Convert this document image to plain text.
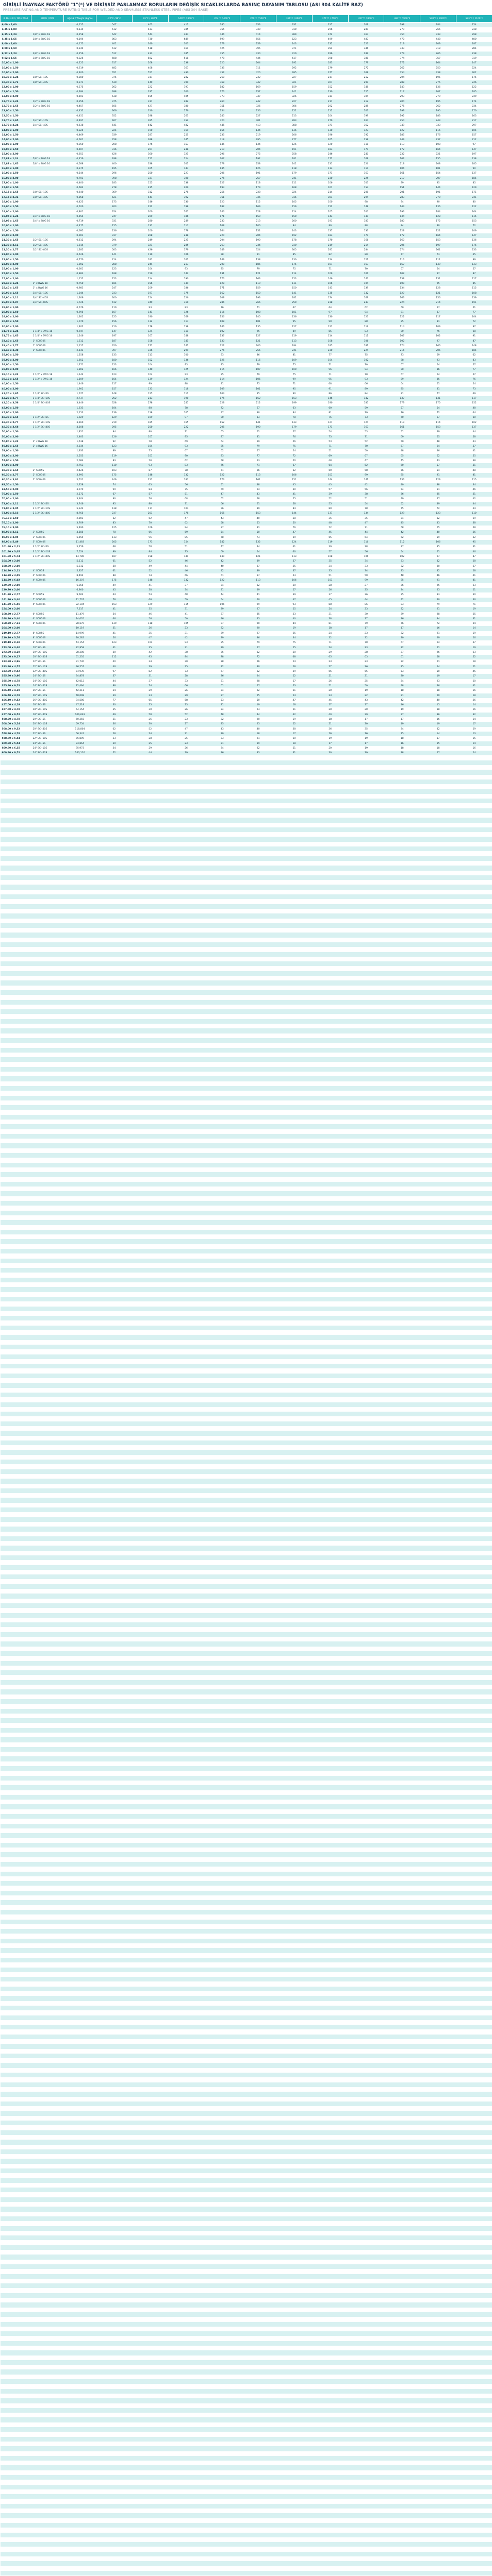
GİRİŞLİ İNAYNAK FAKTÖRÜ "1"(*) VE DİKİŞSİZ PASLANMAZ BORULARIN DEĞİŞİK SICAKLIKLARDA BASINÇ DAYANIM TABLOSU (ASI 304 KALİTE BAZ)
PRESSURE RATING AND TEMPERATURE RATING TABLE FOR WELDED AND SEAMLESS STAINLESS STEEL PIPES (AISI 304 BASE)
Ø Dış x Et / OD x Wall	BORU / PIPE	Ağırlık / Weight (kg/m)	-20°C /38°C	93°C / 200°F	149°C / 300°F	204°C / 400°F	260°C / 500°F	316°C / 600°F	371°C / 700°F	427°C / 800°F	482°C / 900°F	538°C / 1000°F	593°C / 1100°F
6,00 x 1,00		0,125	547	463	412	380	353	332	317	309	298	284	254
6,35 x 1,00		0,134	512	433	385	355	330	310	296	289	279	266	238
6,35 x 1,24	1/8" x BWG 18	0,158	642	543	483	446	414	389	372	363	350	333	298
6,35 x 1,65	1/8" x BWG 16	0,194	863	730	649	599	556	523	499	487	470	448	400
8,00 x 1,00		0,175	402	340	303	279	259	243	232	227	219	209	187
8,00 x 1,50		0,244	612	518	461	425	395	371	354	346	333	318	284
9,52 x 1,24	3/8" x BWG 18	0,256	512	433	385	355	330	310	296	289	279	266	238
9,52 x 1,65	3/8" x BWG 16	0,326	688	582	518	478	444	417	398	388	374	357	319
10,00 x 1,00		0,225	317	268	238	220	204	192	183	179	172	164	147
10,00 x 1,50		0,319	482	408	363	335	311	292	279	272	262	250	224
10,00 x 2,00		0,400	651	551	490	452	420	395	377	368	354	338	302
10,30 x 1,24	1/8" SCH10S	0,280	375	317	282	260	242	227	217	212	204	195	174
10,30 x 1,73	1/8" SCH40S	0,371	530	449	399	368	342	321	307	299	288	275	246
12,00 x 1,00		0,275	262	222	197	182	169	159	152	148	143	136	122
12,00 x 1,50		0,394	398	337	300	276	257	241	230	225	217	207	185
12,00 x 2,00		0,501	538	455	405	373	347	326	311	304	293	279	249
12,70 x 1,24	1/2" x BWG 18	0,356	375	317	282	260	242	227	217	212	204	195	174
12,70 x 1,65	1/2" x BWG 16	0,457	505	427	380	351	326	306	292	285	275	262	234
13,00 x 1,50		0,432	366	310	276	254	236	222	212	207	199	190	170
13,50 x 1,50		0,451	352	298	265	245	227	213	204	199	192	183	163
13,70 x 1,65	1/4" SCH10S	0,497	467	395	352	324	301	283	270	264	254	243	217
13,70 x 2,24	1/4" SCH40S	0,638	641	542	482	445	413	388	371	362	349	333	297
14,00 x 1,00		0,325	224	190	169	156	144	136	130	127	122	116	104
14,00 x 1,50		0,469	339	287	255	235	219	206	196	192	185	176	157
14,00 x 2,00		0,601	458	388	345	318	295	277	265	258	249	237	212
15,00 x 1,00		0,350	208	176	157	145	134	126	120	118	113	108	97
15,00 x 1,50		0,507	316	267	238	219	204	191	183	179	172	164	147
15,00 x 2,00		0,651	426	360	321	296	275	258	246	240	232	221	197
15,87 x 1,24	5/8" x BWG 18	0,456	298	252	224	207	192	181	172	168	162	155	138
15,87 x 1,65	5/8" x BWG 16	0,588	400	338	301	278	258	242	231	226	218	208	185
16,00 x 1,00		0,375	195	165	147	135	126	118	113	110	106	101	90
16,00 x 1,50		0,544	296	250	223	206	191	179	171	167	161	154	137
16,00 x 2,00		0,701	398	337	300	276	257	241	230	225	217	207	185
17,00 x 1,00		0,400	183	155	138	127	118	111	106	103	99	95	85
17,00 x 1,50		0,582	278	235	209	193	179	168	161	157	151	144	129
17,15 x 1,65	3/8" SCH10S	0,640	369	312	278	256	238	224	214	208	201	191	171
17,15 x 2,31	3/8" SCH40S	0,858	521	441	392	361	336	316	301	294	283	270	241
18,00 x 1,00		0,425	173	146	130	120	112	105	100	98	94	90	80
18,00 x 1,50		0,620	263	222	198	182	169	159	152	148	143	136	122
18,00 x 2,00		0,801	354	300	267	246	228	214	205	200	193	184	164
19,05 x 1,24	3/4" x BWG 18	0,554	247	209	186	171	159	150	143	139	134	128	115
19,05 x 1,65	3/4" x BWG 16	0,719	331	280	249	230	213	200	191	187	180	172	153
20,00 x 1,00		0,475	155	131	117	108	100	94	90	88	84	80	72
20,00 x 1,50		0,695	236	200	178	164	152	143	137	133	128	122	109
20,00 x 2,00		0,901	317	268	238	220	204	192	183	179	172	164	147
21,30 x 1,65	1/2" SCH10S	0,812	294	249	221	204	190	178	170	166	160	153	136
21,30 x 2,11	1/2" SCH40S	1,014	379	321	285	263	244	230	219	214	206	197	176
21,30 x 2,77	1/2" SCH80S	1,285	503	426	379	349	324	305	291	284	274	261	233
22,00 x 1,00		0,526	141	119	106	98	91	85	82	80	77	73	65
22,00 x 1,50		0,770	214	181	161	149	138	130	124	121	116	111	99
22,00 x 2,00		1,002	288	244	217	200	186	175	167	163	157	149	133
25,00 x 1,00		0,601	123	104	93	85	79	75	71	70	67	64	57
25,00 x 1,50		0,883	188	159	142	131	121	114	109	106	102	97	87
25,00 x 2,00		1,152	253	214	190	176	163	153	146	143	138	131	117
25,40 x 1,24	1" x BWG 18	0,750	184	156	139	128	119	111	106	104	100	95	85
25,40 x 1,65	1" x BWG 16	0,983	247	209	186	171	159	150	143	139	134	128	115
26,90 x 1,65	3/4" SCH10S	1,044	233	197	175	162	150	141	135	132	127	121	108
26,90 x 2,11	3/4" SCH40S	1,309	300	254	226	208	193	182	174	169	163	156	139
26,90 x 2,87	3/4" SCH80S	1,726	412	349	310	286	266	250	238	233	224	214	191
28,00 x 1,00		0,676	110	93	83	76	71	67	64	62	60	57	51
28,00 x 1,50		0,995	167	141	126	116	108	101	97	94	91	87	77
28,00 x 2,00		1,302	225	190	169	156	145	136	130	127	122	117	104
30,00 x 1,50		1,070	156	132	117	108	101	95	90	88	85	81	72
30,00 x 2,00		1,402	210	178	158	146	135	127	121	119	114	109	97
31,75 x 1,24	1 1/4" x BWG 18	0,947	147	124	111	102	95	89	85	83	80	76	68
31,75 x 1,65	1 1/4" x BWG 16	1,246	197	167	148	137	127	119	114	111	107	102	91
33,40 x 1,65	1" SCH10S	1,312	187	158	141	130	121	113	108	106	102	97	87
33,40 x 2,77	1" SCH10S	2,127	320	271	241	222	206	194	185	181	174	166	148
33,40 x 3,38	1" SCH40S	2,541	397	336	299	276	256	241	230	224	216	206	184
35,00 x 1,50		1,258	133	113	100	93	86	81	77	75	73	69	62
35,00 x 2,00		1,652	180	152	136	125	116	109	104	102	98	93	83
38,00 x 1,50		1,371	123	104	93	85	79	75	71	70	67	64	57
38,00 x 2,00		1,802	166	140	125	115	107	100	96	94	90	86	77
38,10 x 1,24	1 1/2" x BWG 18	1,144	123	104	93	85	79	75	71	70	67	64	57
38,10 x 1,65	1 1/2" x BWG 16	1,509	164	139	124	114	106	99	95	93	89	85	76
40,00 x 1,50		1,446	117	99	88	81	75	71	68	66	64	61	54
40,00 x 2,00		1,902	157	133	118	109	101	95	91	89	85	81	73
42,20 x 1,65	1 1/4" SCH5S	1,677	148	125	111	103	95	90	86	84	81	77	69
42,20 x 2,77	1 1/4" SCH10S	2,737	252	213	190	175	162	153	146	142	137	131	117
42,20 x 3,56	1 1/4" SCH40S	3,446	328	278	247	228	212	199	190	185	179	170	152
45,00 x 1,50		1,633	104	88	78	72	67	63	60	59	57	54	48
45,00 x 2,00		2,153	139	118	105	97	90	84	81	79	76	72	64
48,30 x 1,65	1 1/2" SCH5S	1,929	129	109	97	90	83	78	75	73	70	67	60
48,30 x 2,77	1 1/2" SCH10S	3,160	219	185	165	152	141	133	127	124	119	114	102
48,30 x 3,68	1 1/2" SCH40S	4,108	295	250	222	205	190	179	171	167	161	153	137
50,00 x 1,50		1,821	94	80	71	65	61	57	54	53	51	49	44
50,00 x 2,00		2,403	126	107	95	87	81	76	73	71	69	65	58
50,80 x 1,24	2" x BWG 18	1,538	92	78	69	64	59	56	53	52	50	48	43
50,80 x 1,65	2" x BWG 16	2,034	123	104	93	85	79	75	71	70	67	64	57
53,00 x 1,50		1,933	89	75	67	62	57	54	51	50	48	46	41
53,00 x 2,00		2,553	119	101	90	83	77	72	69	67	65	62	55
57,00 x 1,50		2,084	83	70	62	58	53	50	48	47	45	43	38
57,00 x 2,00		2,753	110	93	83	76	71	67	64	62	60	57	51
60,30 x 1,65	2" SCH5S	2,426	103	87	78	71	66	62	60	58	56	54	48
60,30 x 2,77	2" SCH10S	3,993	175	148	132	122	113	106	101	99	95	91	81
60,30 x 3,91	2" SCH40S	5,521	249	211	187	173	161	151	144	141	136	129	115
63,50 x 1,50		2,328	74	63	56	51	48	45	43	42	40	38	34
63,50 x 2,00		3,079	99	84	75	69	64	60	57	56	54	51	46
70,00 x 1,50		2,572	67	57	51	47	43	41	39	38	36	35	31
70,00 x 2,00		3,404	90	76	68	62	58	55	52	51	49	47	42
73,00 x 2,11	2 1/2" SCH5S	3,746	95	80	71	66	61	58	55	54	52	49	44
73,00 x 3,05	2 1/2" SCH10S	5,342	138	117	104	96	89	84	80	78	75	72	64
73,00 x 5,16	2 1/2" SCH40S	8,765	237	201	178	165	153	144	137	134	129	123	110
76,10 x 1,50		2,801	62	52	47	43	40	38	36	35	34	32	29
76,10 x 2,00		3,709	83	70	62	58	53	50	48	47	45	43	38
76,10 x 3,00		5,490	125	106	94	87	81	76	72	71	68	65	58
88,90 x 2,11	3" SCH5S	4,585	78	66	59	54	50	47	45	44	42	40	36
88,90 x 3,05	3" SCH10S	6,554	113	96	85	78	73	69	65	64	62	59	52
88,90 x 5,49	3" SCH40S	11,483	205	173	154	142	132	124	119	116	112	106	95
101,60 x 2,11	3 1/2" SCH5S	5,256	68	58	51	47	44	41	39	38	37	35	31
101,60 x 3,05	3 1/2" SCH10S	7,524	99	84	75	69	64	60	57	56	54	51	46
101,60 x 5,74	3 1/2" SCH40S	13,780	187	158	141	130	121	113	108	106	102	97	87
104,00 x 2,00		5,112	61	52	46	42	39	37	35	34	33	32	28
108,00 x 2,00		5,312	58	49	44	40	37	35	34	33	32	30	27
114,30 x 2,11	4" SCH5S	5,927	61	52	46	42	39	37	35	34	33	32	28
114,30 x 3,05	4" SCH10S	8,494	88	74	66	61	57	53	51	50	48	46	41
114,30 x 6,02	4" SCH40S	16,307	175	148	132	122	113	106	101	99	95	91	81
129,00 x 2,00		6,365	49	41	37	34	32	30	28	27	26	25	23
139,70 x 2,00		6,900	45	38	34	31	29	27	26	25	24	23	21
141,30 x 2,77	5" SCH5S	9,604	64	54	48	44	41	39	37	36	35	33	30
141,30 x 3,40	5" SCH10S	11,737	78	66	59	54	50	47	45	44	42	40	36
141,30 x 6,55	5" SCH40S	22,104	153	129	115	106	99	93	88	86	83	79	71
154,00 x 2,00		7,617	41	35	31	29	27	25	24	23	22	21	19
168,30 x 2,77	6" SCH5S	11,479	54	46	41	37	35	33	31	30	29	28	25
168,30 x 3,40	6" SCH10S	14,035	66	56	50	46	43	40	38	37	36	34	31
168,30 x 7,11	6" SCH40S	28,670	139	118	105	97	90	84	81	79	76	72	64
204,00 x 2,00		10,119	31	26	23	22	20	19	18	17	17	16	14
219,10 x 2,77	8" SCH5S	14,999	41	35	31	29	27	25	24	23	22	21	19
219,10 x 3,76	8" SCH10S	20,282	56	47	42	39	36	34	32	32	30	29	26
219,10 x 8,18	8" SCH40S	43,154	123	104	93	85	79	75	71	70	67	64	57
273,00 x 3,40	10" SCH5S	22,958	41	35	31	29	27	25	24	23	22	21	19
273,00 x 4,19	10" SCH10S	28,208	50	42	38	35	32	30	29	28	27	26	23
273,00 x 9,27	10" SCH40S	61,235	112	95	84	78	72	68	65	63	61	58	52
323,90 x 3,96	12" SCH5S	31,730	40	34	30	28	26	24	23	23	22	21	18
323,90 x 4,57	12" SCH10S	36,557	46	39	35	32	30	28	27	26	25	24	21
323,90 x 9,52	12" SCH40S	74,939	97	82	73	67	62	59	56	55	53	50	45
355,60 x 3,96	14" SCH5S	34,878	37	31	28	26	24	22	21	21	20	19	17
355,60 x 4,78	14" SCH10S	42,012	44	37	33	31	28	27	26	25	24	23	20
355,60 x 9,52	14" SCH40S	82,494	88	74	66	61	57	53	51	50	48	46	41
406,40 x 4,19	16" SCH5S	42,211	34	29	26	24	22	21	20	19	18	18	16
406,40 x 4,78	16" SCH10S	48,098	39	33	29	27	25	24	23	22	21	20	18
406,40 x 9,52	16" SCH40S	94,580	77	65	58	53	50	47	45	43	42	40	36
457,00 x 4,19	18" SCH5S	47,519	30	25	23	21	19	18	17	17	16	15	14
457,00 x 4,78	18" SCH10S	54,154	35	30	26	24	23	21	20	20	19	18	16
457,00 x 9,52	18" SCH40S	106,649	69	58	52	48	44	42	40	39	37	36	32
508,00 x 4,78	20" SCH5S	60,255	31	26	23	22	20	19	18	17	17	16	14
508,00 x 5,54	20" SCH10S	69,754	36	30	27	25	23	22	21	20	19	19	17
508,00 x 9,52	20" SCH40S	118,804	62	52	47	43	40	38	36	35	34	32	29
558,80 x 4,78	22" SCH5S	66,341	28	24	21	20	18	17	16	16	15	14	13
558,80 x 5,54	22" SCH10S	76,809	33	28	25	23	21	20	19	19	18	17	15
609,60 x 5,54	24" SCH5S	83,864	30	25	23	21	19	18	17	17	16	15	14
609,60 x 6,35	24" SCH10S	95,973	34	29	26	24	22	21	20	19	18	18	16
609,60 x 9,52	24" SCH40S	143,116	52	44	39	36	33	31	30	29	28	27	24
